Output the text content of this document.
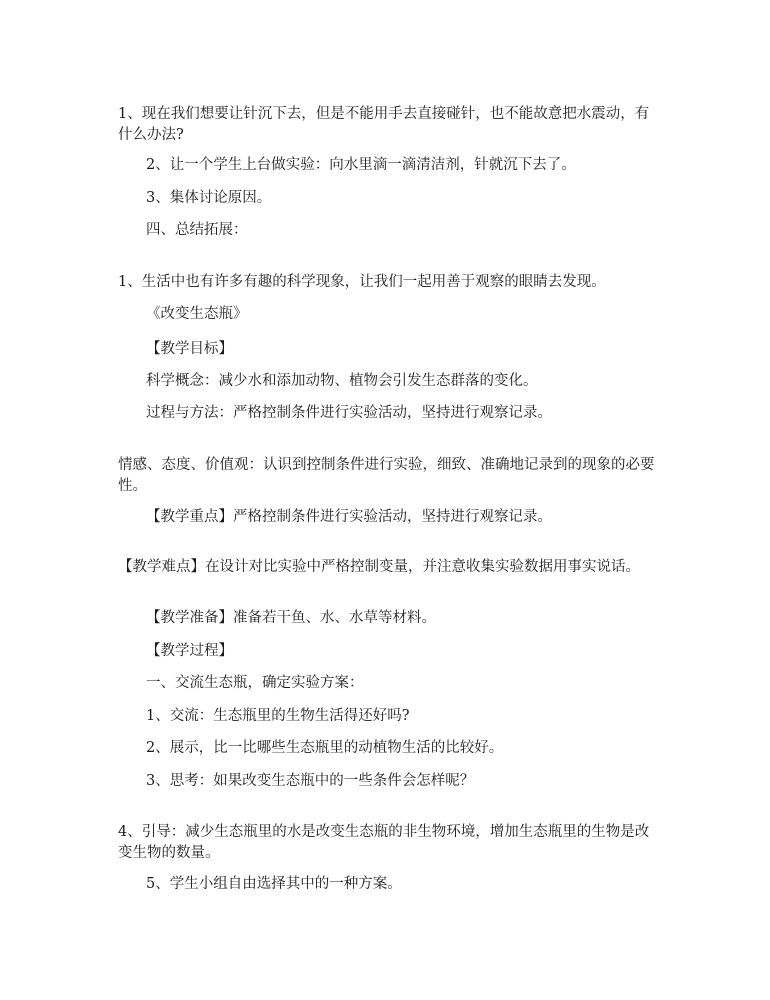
1、现在我们想要让针沉下去，但是不能用手去直接碰针，也不能故意把水震动，有什么办法?

2、让一个学生上台做实验：向水里滴一滴清洁剂，针就沉下去了。

3、集体讨论原因。

四、总结拓展：

1、生活中也有许多有趣的科学现象，让我们一起用善于观察的眼睛去发现。

《改变生态瓶》

【教学目标】

科学概念：减少水和添加动物、植物会引发生态群落的变化。

过程与方法：严格控制条件进行实验活动，坚持进行观察记录。

情感、态度、价值观：认识到控制条件进行实验，细致、准确地记录到的现象的必要性。

【教学重点】严格控制条件进行实验活动，坚持进行观察记录。

【教学难点】在设计对比实验中严格控制变量，并注意收集实验数据用事实说话。

【教学准备】准备若干鱼、水、水草等材料。

【教学过程】

一、交流生态瓶，确定实验方案：

1、交流：生态瓶里的生物生活得还好吗?

2、展示，比一比哪些生态瓶里的动植物生活的比较好。

3、思考：如果改变生态瓶中的一些条件会怎样呢？

4、引导：减少生态瓶里的水是改变生态瓶的非生物环境，增加生态瓶里的生物是改变生物的数量。

5、学生小组自由选择其中的一种方案。
